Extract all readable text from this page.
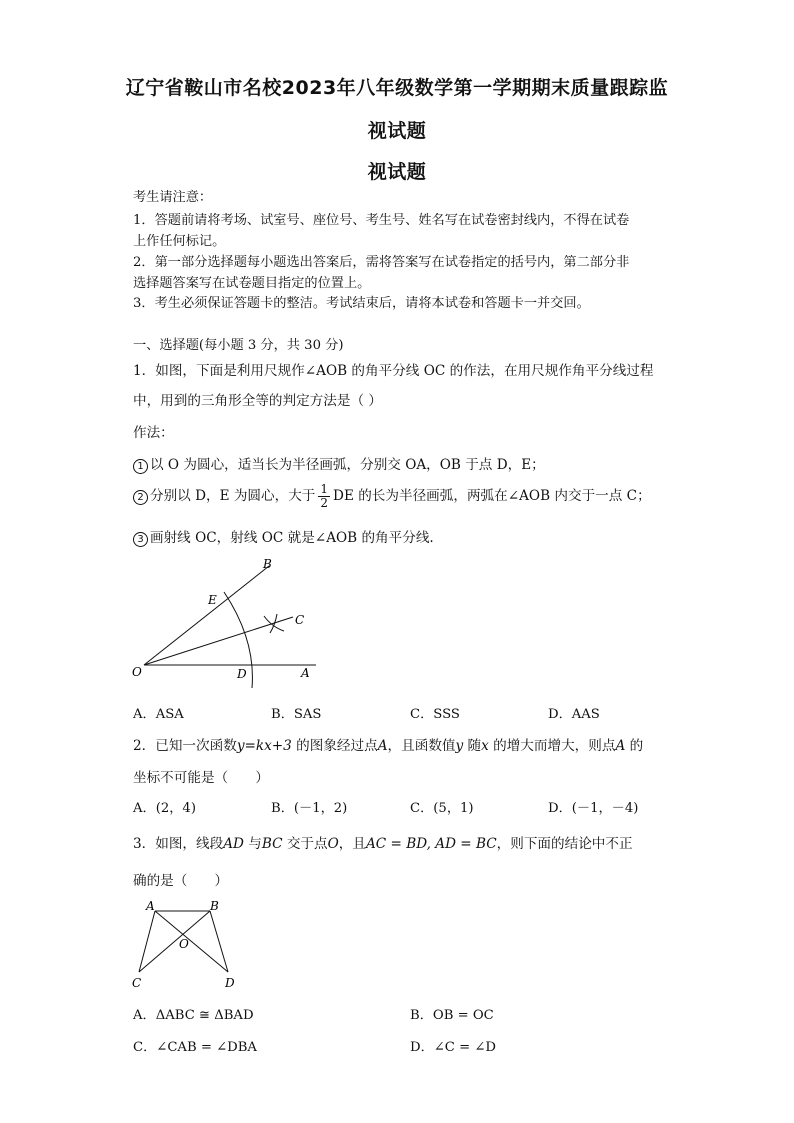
辽宁省鞍山市名校2023年八年级数学第一学期期末质量跟踪监
视试题
视试题
考生请注意：
1．答题前请将考场、试室号、座位号、考生号、姓名写在试卷密封线内，不得在试卷
上作任何标记。
2．第一部分选择题每小题选出答案后，需将答案写在试卷指定的括号内，第二部分非
选择题答案写在试卷题目指定的位置上。
3．考生必须保证答题卡的整洁。考试结束后，请将本试卷和答题卡一并交回。
一、选择题(每小题 3 分，共 30 分)
1．如图，下面是利用尺规作∠AOB 的角平分线 OC 的作法，在用尺规作角平分线过程
中，用到的三角形全等的判定方法是（ ）
作法：
1 以 O 为圆心，适当长为半径画弧，分别交 OA，OB 于点 D，E；
2 分别以 D，E 为圆心，大于 $\frac{1}{2}$ DE 的长为半径画弧，两弧在∠AOB 内交于一点 C；
3 画射线 OC，射线 OC 就是∠AOB 的角平分线.
B
E
C
O	D	A
A．ASA	B．SAS	C．SSS	D．AAS
2．已知一次函数y=kx+3 的图象经过点A，且函数值y 随x 的增大而增大，则点A 的
坐标不可能是（　　）
A．(2，4)	B．(－1，2)	C．(5，1)	D．(－1，－4)
3．如图，线段AD 与BC 交于点O，且AC = BD, AD = BC，则下面的结论中不正
确的是（　　）
A	B
O
C	D
A．ΔABC ≅ ΔBAD	B．OB = OC
C．∠CAB = ∠DBA	D．∠C = ∠D
